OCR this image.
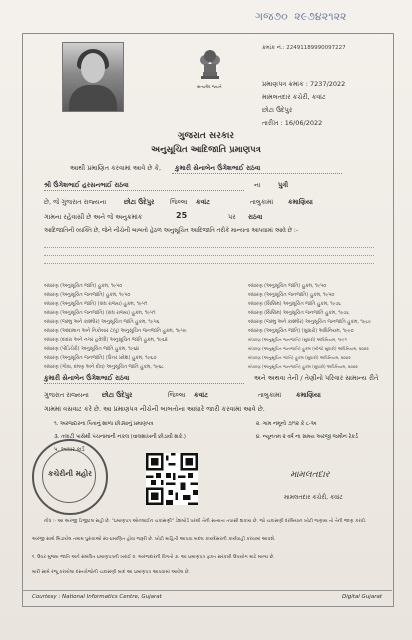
ગજ૭૦ ૨૯૭૪૨૧૨૨
સત્યમેવ જયતે
ક્રમાંક નં.: 22491189990097227
પ્રમાણપત્ર ક્રમાંક : 7237/2022
મામલતદાર કચેરી, કવાંટ
છોટા ઉદેપુર
તારીખ : 16/06/2022
ગુજરાત સરકાર
અનુસૂચિત આદિજાતિ પ્રમાણપત્ર
આથી પ્રમાણિત કરવામાં આવે છે કે, કુમારી સેનાબેન ઉંગેશભાઈ રાઠવા
શ્રી ઉંગેશભાઈ હરસનભાઈ રાઠવા	ના	પુત્રી
છે, જે ગુજરાત રાજ્યના	છોટા ઉદેપુર જિલ્લા કવાંટ	તાલુકામાં કમાણિયા
ગામના રહેવાસી છે અને જે અનુક્રમાંક	25	પર રાઠવા
આદિજાતિની વ્યક્તિ છે, જેને નીચેની બાબતો હેઠળ અનુસૂચિત આદિજાતિ તરીકે માન્યતા આપવામાં આવે છે :-
બંધારણ (અનુસૂચિત જાતિ) હુકમ, ૧૯૫૦
બંધારણ (અનુસૂચિત જનજાતિ) હુકમ, ૧૯૫૦
બંધારણ (અનુસૂચિત જાતિ) (સંઘ રાજ્ય) હુકમ, ૧૯૫૧
બંધારણ (અનુસૂચિત જનજાતિ) (સંઘ રાજ્ય) હુકમ, ૧૯૫૧
બંધારણ (જમ્મુ અને કાશ્મીર) અનુસૂચિત જાતિ હુકમ, ૧૯૫૬
બંધારણ (આંદામાન અને નિકોબાર ટાપુ) અનુસૂચિત જનજાતિ હુકમ, ૧૯૫૯
બંધારણ (દાદરા અને નગર હવેલી) અનુસૂચિત જાતિ હુકમ, ૧૯૬૨
બંધારણ (પોંડિચેરી) અનુસૂચિત જાતિ હુકમ, ૧૯૬૪
બંધારણ (અનુસૂચિત જનજાતિ) (ઉત્તર પ્રદેશ) હુકમ, ૧૯૬૭
બંધારણ (ગોવા, દમણ અને દીવ) અનુસૂચિત જાતિ હુકમ, ૧૯૬૮
બંધારણ (અનુસૂચિત જાતિ) હુકમ, ૧૯૫૦
બંધારણ (અનુસૂચિત જનજાતિ) હુકમ, ૧૯૫૦
બંધારણ (સિક્કિમ) અનુસૂચિત જાતિ હુકમ, ૧૯૭૮
બંધારણ (સિક્કિમ) અનુસૂચિત જનજાતિ હુકમ, ૧૯૭૮
બંધારણ (જમ્મુ અને કાશ્મીર) અનુસૂચિત જનજાતિ હુકમ, ૧૯૮૯
બંધારણ (અનુસૂચિત જાતિ) (સુધારો) અધિનિયમ, ૧૯૯૦
બંધારણ (અનુસૂચિત જનજાતિ) (સુધારો) અધિનિયમ, ૧૯૯૧
બંધારણ (અનુસૂચિત જનજાતિ) હુકમ (બીજો સુધારો) અધિનિયમ, ૨૦૦૨
બંધારણ (અનુસૂચિત જાતિ) હુકમ (સુધારો) અધિનિયમ, ૨૦૦૨
બંધારણ (અનુસૂચિત જનજાતિ) હુકમ (સુધારો) અધિનિયમ, ૨૦૦૨
કુમારી સેનાબેન ઉંગેશભાઈ રાઠવા	અને અથવા તેની / તેણીનો પરિવાર સામાન્ય રીતે
ગુજરાત રાજ્યના છોટા ઉદેપુર	જિલ્લા કવાંટ	તાલુકામાં કમાણિયા
ગામમાં વસવાટ કરે છે. આ પ્રમાણપત્ર નીચેની બાબતોના આધારે જારી કરવામાં આવે છે.
૧. અરજદારના પિતાનું શાળા છોડ્યાનું પ્રમાણપત્ર	૨. ગામ નમૂનો ૭/૧૨ કે ૮-અ
૩. તલાટી પાસેથી પંચનામાની નકલ (વાલશાખની છોડાવી શકે.)	૪. ન્યૂનતમ ૨ વર્ષ ના સમય અરજી જમીન રેકર્ડ
૫. આધાર કાર્ડ
કચેરીની મહોર	મામલતદાર
મામલતદાર કચેરી, કવાંટ
નોંધ :- આ અરજી ડિજીટલ સહી છે. "પ્રમાણપત્ર ઓનલાઈન ચકાસણી" ડેશબોર્ડ પરથી તેની સત્યતા તપાસી શકાય છે. જો ચકાસણી દરમિયાન ખોટી જણાય તો તેની જાણ કરવી.
અરજી સાથે બિડાયેલ તમામ પુરાવાઓ સ્વ-પ્રમાણિત હોવા જરૂરી છે. ખોટી માહિતી આપવા બદલ કાયદેસરની કાર્યવાહી કરવામાં આવશે.
૧. ઉપર મુજબ જાતિ અને સંબંધિત પ્રમાણપત્રની ખરાઈ ૨. અરજદારની વિગતો ૩. આ પ્રમાણપત્ર ફક્ત સરકારી ઉપયોગ માટે માન્ય છે.
મારી સામે રજૂ કરાયેલા દસ્તાવેજોની ચકાસણી બાદ આ પ્રમાણપત્ર આપવામાં આવેલ છે.
Courtesy : National Informatics Centre, Gujarat	Digital Gujarat
